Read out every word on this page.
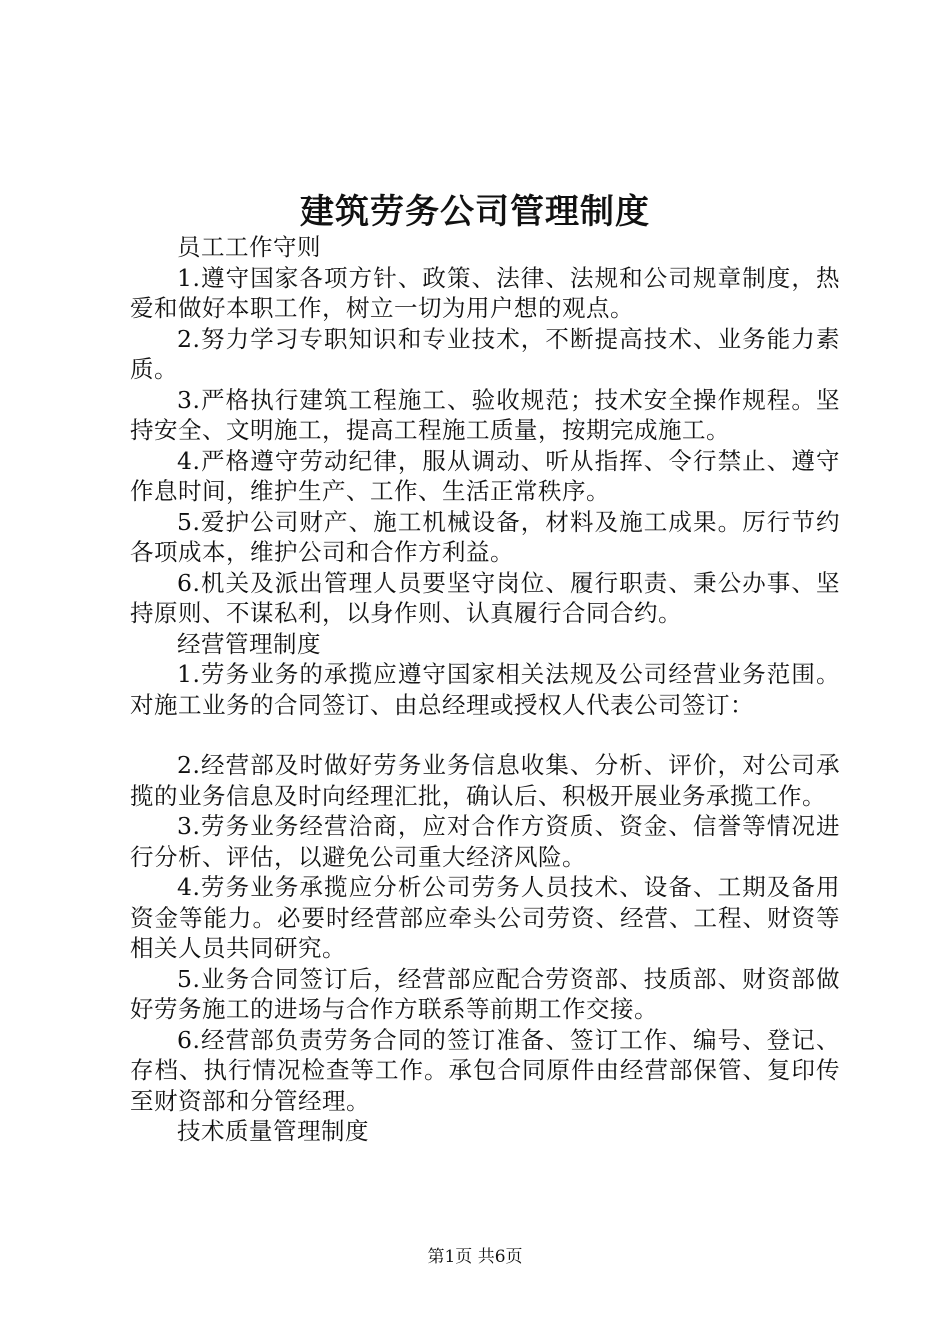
建筑劳务公司管理制度

员工工作守则

1.遵守国家各项方针、政策、法律、法规和公司规章制度，热爱和做好本职工作，树立一切为用户想的观点。

2.努力学习专职知识和专业技术，不断提高技术、业务能力素质。

3.严格执行建筑工程施工、验收规范；技术安全操作规程。坚持安全、文明施工，提高工程施工质量，按期完成施工。

4.严格遵守劳动纪律，服从调动、听从指挥、令行禁止、遵守作息时间，维护生产、工作、生活正常秩序。

5.爱护公司财产、施工机械设备，材料及施工成果。厉行节约各项成本，维护公司和合作方利益。

6.机关及派出管理人员要坚守岗位、履行职责、秉公办事、坚持原则、不谋私利，以身作则、认真履行合同合约。

经营管理制度

1.劳务业务的承揽应遵守国家相关法规及公司经营业务范围。对施工业务的合同签订、由总经理或授权人代表公司签订：

2.经营部及时做好劳务业务信息收集、分析、评价，对公司承揽的业务信息及时向经理汇批，确认后、积极开展业务承揽工作。

3.劳务业务经营洽商，应对合作方资质、资金、信誉等情况进行分析、评估，以避免公司重大经济风险。

4.劳务业务承揽应分析公司劳务人员技术、设备、工期及备用资金等能力。必要时经营部应牵头公司劳资、经营、工程、财资等相关人员共同研究。

5.业务合同签订后，经营部应配合劳资部、技质部、财资部做好劳务施工的进场与合作方联系等前期工作交接。

6.经营部负责劳务合同的签订准备、签订工作、编号、登记、存档、执行情况检查等工作。承包合同原件由经营部保管、复印传至财资部和分管经理。

技术质量管理制度

第1页 共6页
